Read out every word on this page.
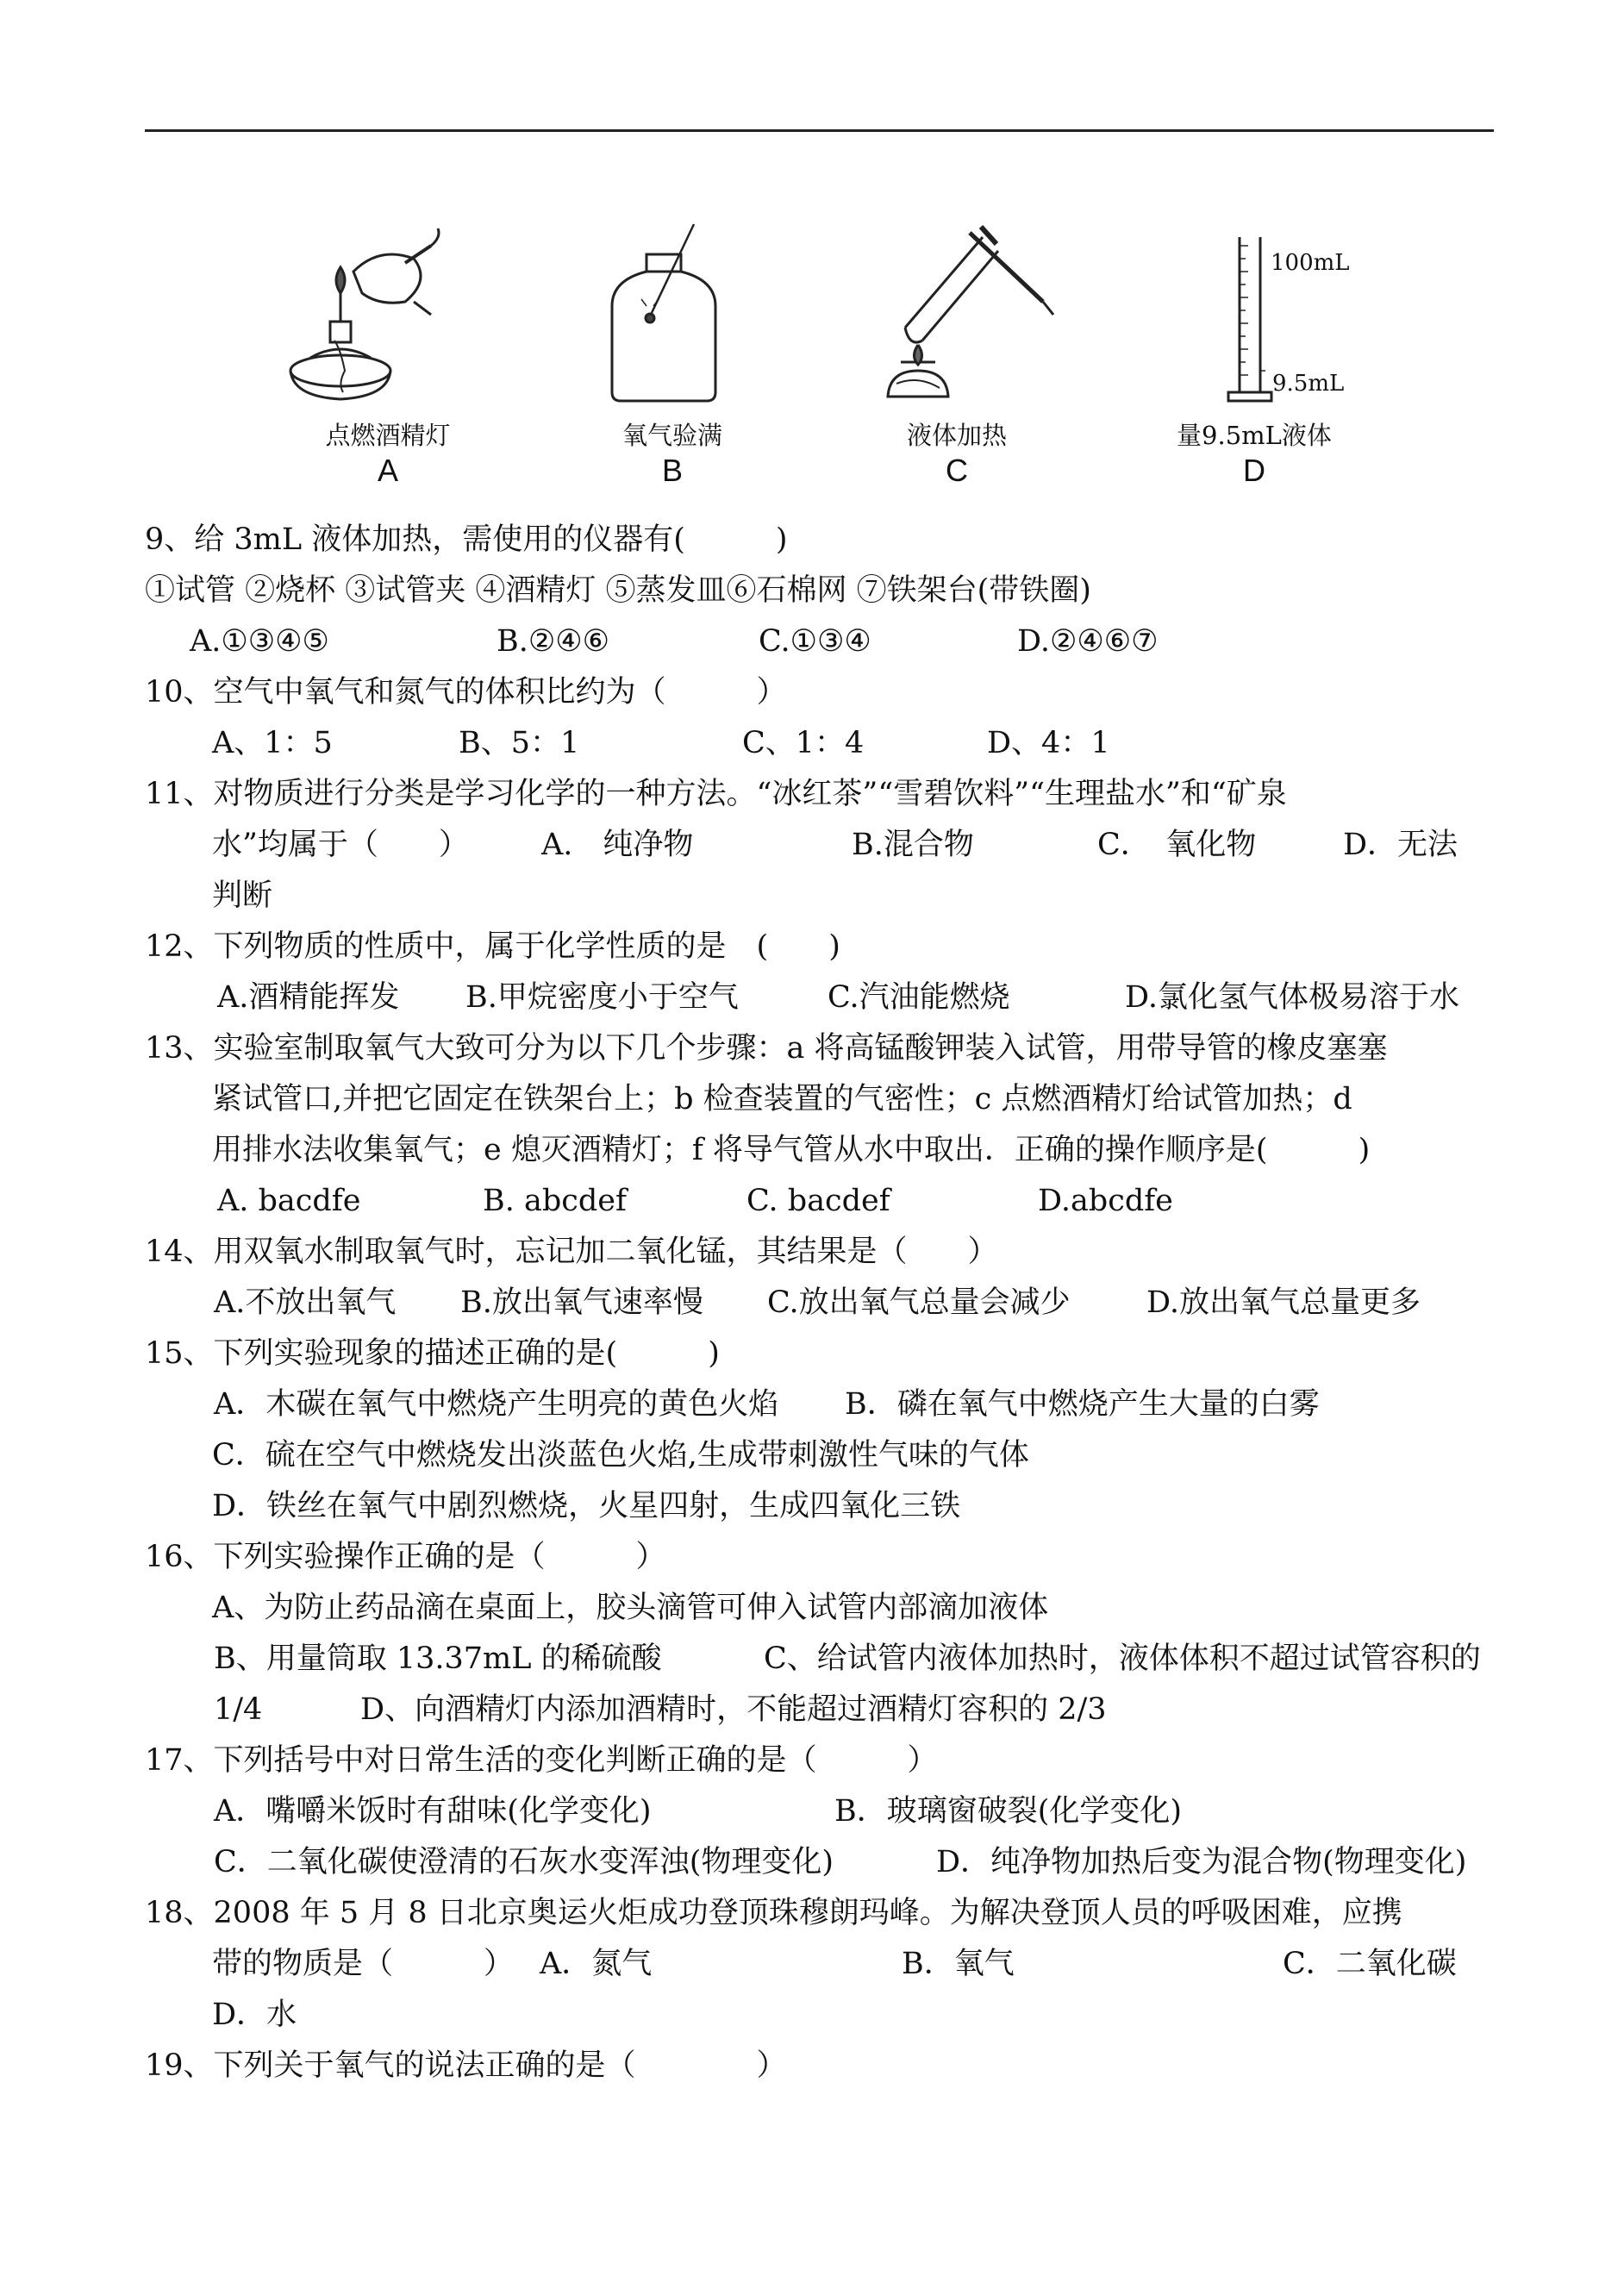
点燃酒精灯
A
氧气验满
B
液体加热
C
100mL
9.5mL
量9.5mL液体
D
9、给 3mL 液体加热，需使用的仪器有(　　　)
①试管 ②烧杯 ③试管夹 ④酒精灯 ⑤蒸发皿⑥石棉网 ⑦铁架台(带铁圈)
A.①③④⑤	B.②④⑥	C.①③④	D.②④⑥⑦
10、空气中氧气和氮气的体积比约为（　　　）
A、1：5	B、5：1	C、1：4	D、4：1
11、对物质进行分类是学习化学的一种方法。“冰红茶”“雪碧饮料”“生理盐水”和“矿泉
水”均属于（　　） A.　纯净物	B.混合物	C．　氧化物	D．无法
判断
12、下列物质的性质中，属于化学性质的是　(　　)
A.酒精能挥发 B.甲烷密度小于空气	C.汽油能燃烧	D.氯化氢气体极易溶于水
13、实验室制取氧气大致可分为以下几个步骤：a 将高锰酸钾装入试管，用带导管的橡皮塞塞
紧试管口,并把它固定在铁架台上；b 检查装置的气密性；c 点燃酒精灯给试管加热；d
用排水法收集氧气；e 熄灭酒精灯；f 将导气管从水中取出．正确的操作顺序是(　　　)
A. bacdfe	B. abcdef	C. bacdef	D.abcdfe
14、用双氧水制取氧气时，忘记加二氧化锰，其结果是（　　）
A.不放出氧气 B.放出氧气速率慢 C.放出氧气总量会减少	D.放出氧气总量更多
15、下列实验现象的描述正确的是(　　　)
A．木碳在氧气中燃烧产生明亮的黄色火焰 B．磷在氧气中燃烧产生大量的白雾
C．硫在空气中燃烧发出淡蓝色火焰,生成带刺激性气味的气体
D．铁丝在氧气中剧烈燃烧，火星四射，生成四氧化三铁
16、下列实验操作正确的是（　　　）
A、为防止药品滴在桌面上，胶头滴管可伸入试管内部滴加液体
B、用量筒取 13.37mL 的稀硫酸	C、给试管内液体加热时，液体体积不超过试管容积的
1/4	D、向酒精灯内添加酒精时，不能超过酒精灯容积的 2/3
17、下列括号中对日常生活的变化判断正确的是（　　　）
A．嘴嚼米饭时有甜味(化学变化)	B．玻璃窗破裂(化学变化)
C．二氧化碳使澄清的石灰水变浑浊(物理变化)	D．纯净物加热后变为混合物(物理变化)
18、2008 年 5 月 8 日北京奥运火炬成功登顶珠穆朗玛峰。为解决登顶人员的呼吸困难，应携
带的物质是（　　　） A．氮气	B．氧气	C．二氧化碳
D．水
19、下列关于氧气的说法正确的是（　　　　）
